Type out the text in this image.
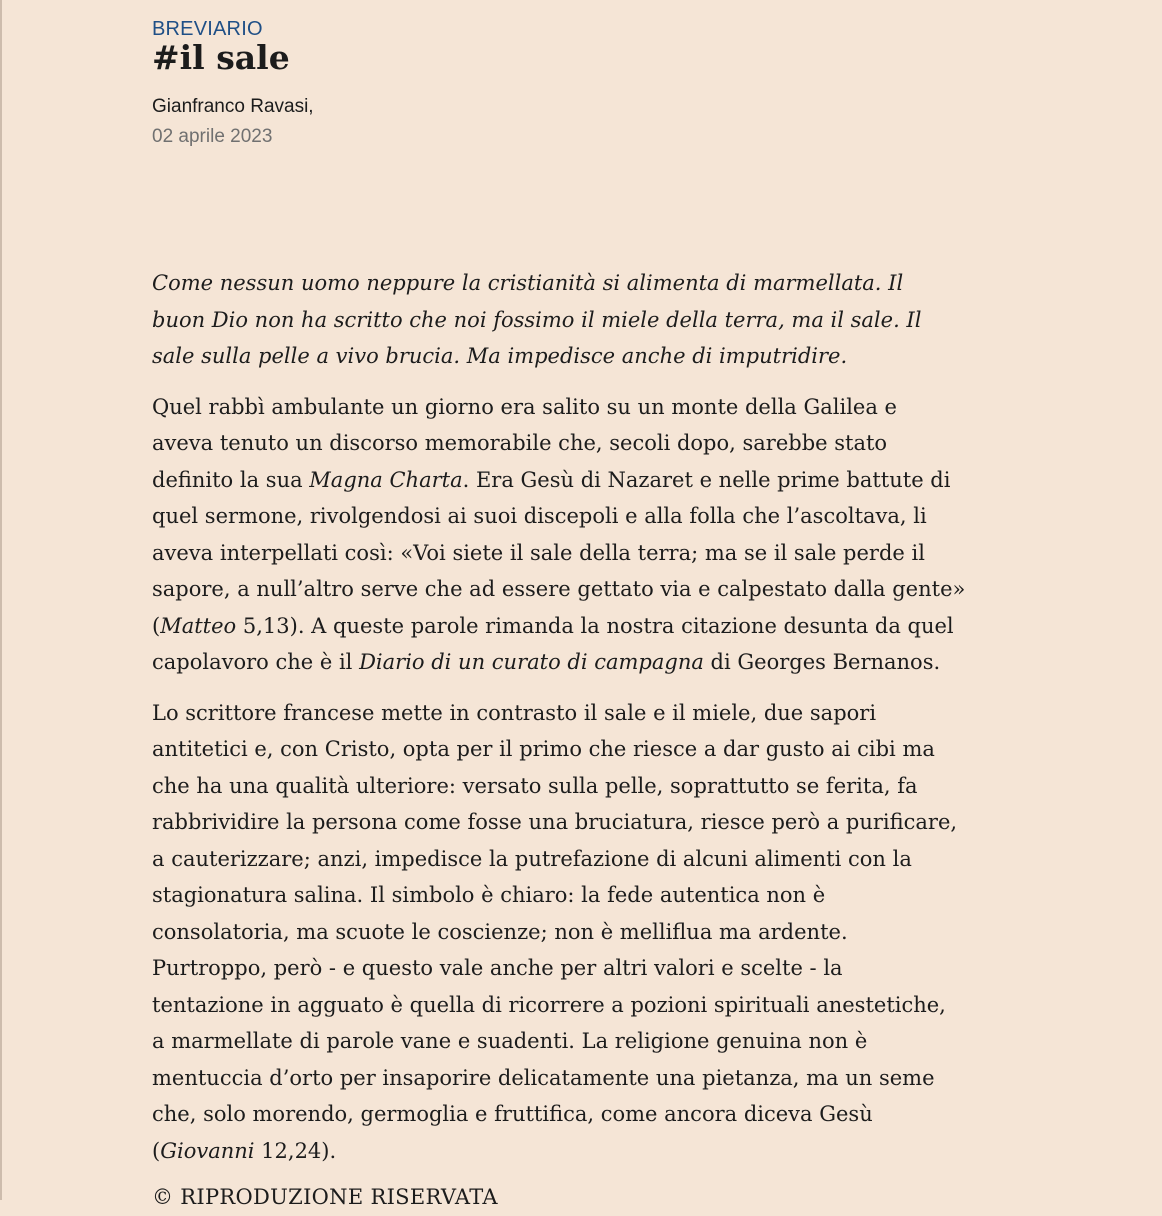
BREVIARIO
#il sale
Gianfranco Ravasi,
02 aprile 2023

Come nessun uomo neppure la cristianità si alimenta di marmellata. Il
buon Dio non ha scritto che noi fossimo il miele della terra, ma il sale. Il
sale sulla pelle a vivo brucia. Ma impedisce anche di imputridire.

Quel rabbì ambulante un giorno era salito su un monte della Galilea e
aveva tenuto un discorso memorabile che, secoli dopo, sarebbe stato
definito la sua Magna Charta. Era Gesù di Nazaret e nelle prime battute di
quel sermone, rivolgendosi ai suoi discepoli e alla folla che l’ascoltava, li
aveva interpellati così: «Voi siete il sale della terra; ma se il sale perde il
sapore, a null’altro serve che ad essere gettato via e calpestato dalla gente»
(Matteo 5,13). A queste parole rimanda la nostra citazione desunta da quel
capolavoro che è il Diario di un curato di campagna di Georges Bernanos.

Lo scrittore francese mette in contrasto il sale e il miele, due sapori
antitetici e, con Cristo, opta per il primo che riesce a dar gusto ai cibi ma
che ha una qualità ulteriore: versato sulla pelle, soprattutto se ferita, fa
rabbrividire la persona come fosse una bruciatura, riesce però a purificare,
a cauterizzare; anzi, impedisce la putrefazione di alcuni alimenti con la
stagionatura salina. Il simbolo è chiaro: la fede autentica non è
consolatoria, ma scuote le coscienze; non è melliflua ma ardente.
Purtroppo, però - e questo vale anche per altri valori e scelte - la
tentazione in agguato è quella di ricorrere a pozioni spirituali anestetiche,
a marmellate di parole vane e suadenti. La religione genuina non è
mentuccia d’orto per insaporire delicatamente una pietanza, ma un seme
che, solo morendo, germoglia e fruttifica, come ancora diceva Gesù
(Giovanni 12,24).

© RIPRODUZIONE RISERVATA
